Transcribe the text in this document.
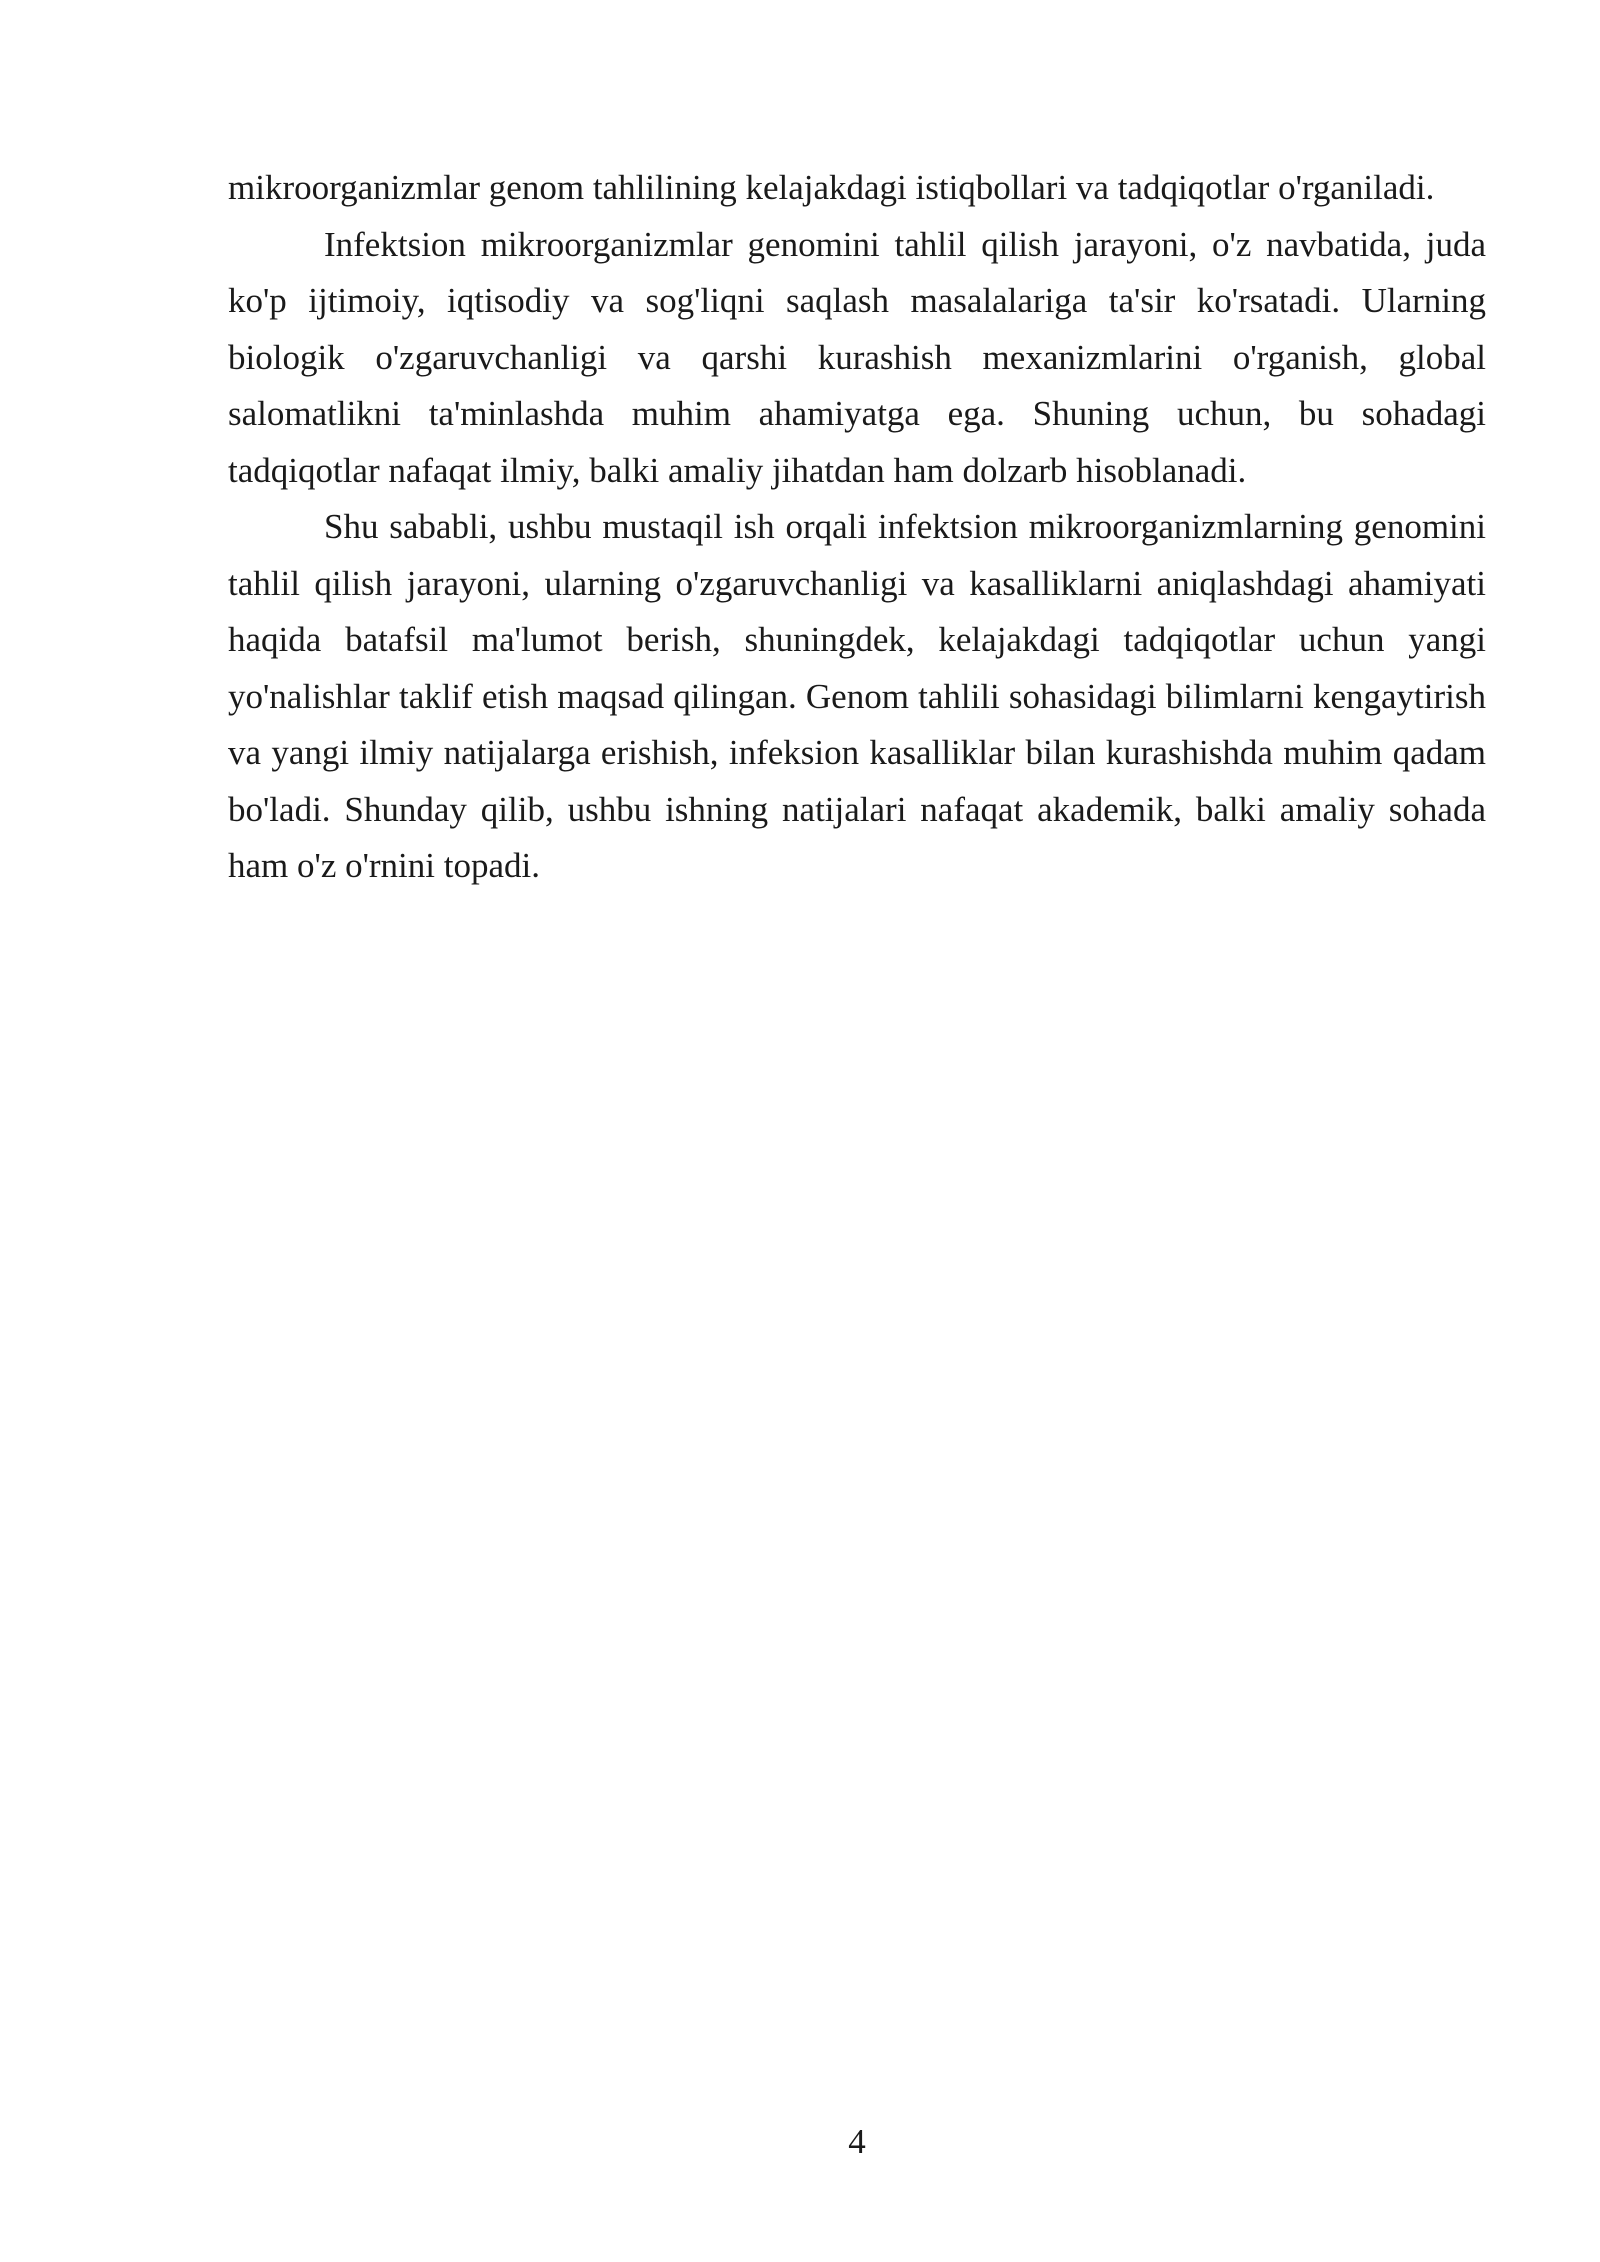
mikroorganizmlar genom tahlilining kelajakdagi istiqbollari va tadqiqotlar o'rganiladi.

Infektsion mikroorganizmlar genomini tahlil qilish jarayoni, o'z navbatida, juda ko'p ijtimoiy, iqtisodiy va sog'liqni saqlash masalalariga ta'sir ko'rsatadi. Ularning biologik o'zgaruvchanligi va qarshi kurashish mexanizmlarini o'rganish, global salomatlikni ta'minlashda muhim ahamiyatga ega. Shuning uchun, bu sohadagi tadqiqotlar nafaqat ilmiy, balki amaliy jihatdan ham dolzarb hisoblanadi.

Shu sababli, ushbu mustaqil ish orqali infektsion mikroorganizmlarning genomini tahlil qilish jarayoni, ularning o'zgaruvchanligi va kasalliklarni aniqlashdagi ahamiyati haqida batafsil ma'lumot berish, shuningdek, kelajakdagi tadqiqotlar uchun yangi yo'nalishlar taklif etish maqsad qilingan. Genom tahlili sohasidagi bilimlarni kengaytirish va yangi ilmiy natijalarga erishish, infeksion kasalliklar bilan kurashishda muhim qadam bo'ladi. Shunday qilib, ushbu ishning natijalari nafaqat akademik, balki amaliy sohada ham o'z o'rnini topadi.

4
